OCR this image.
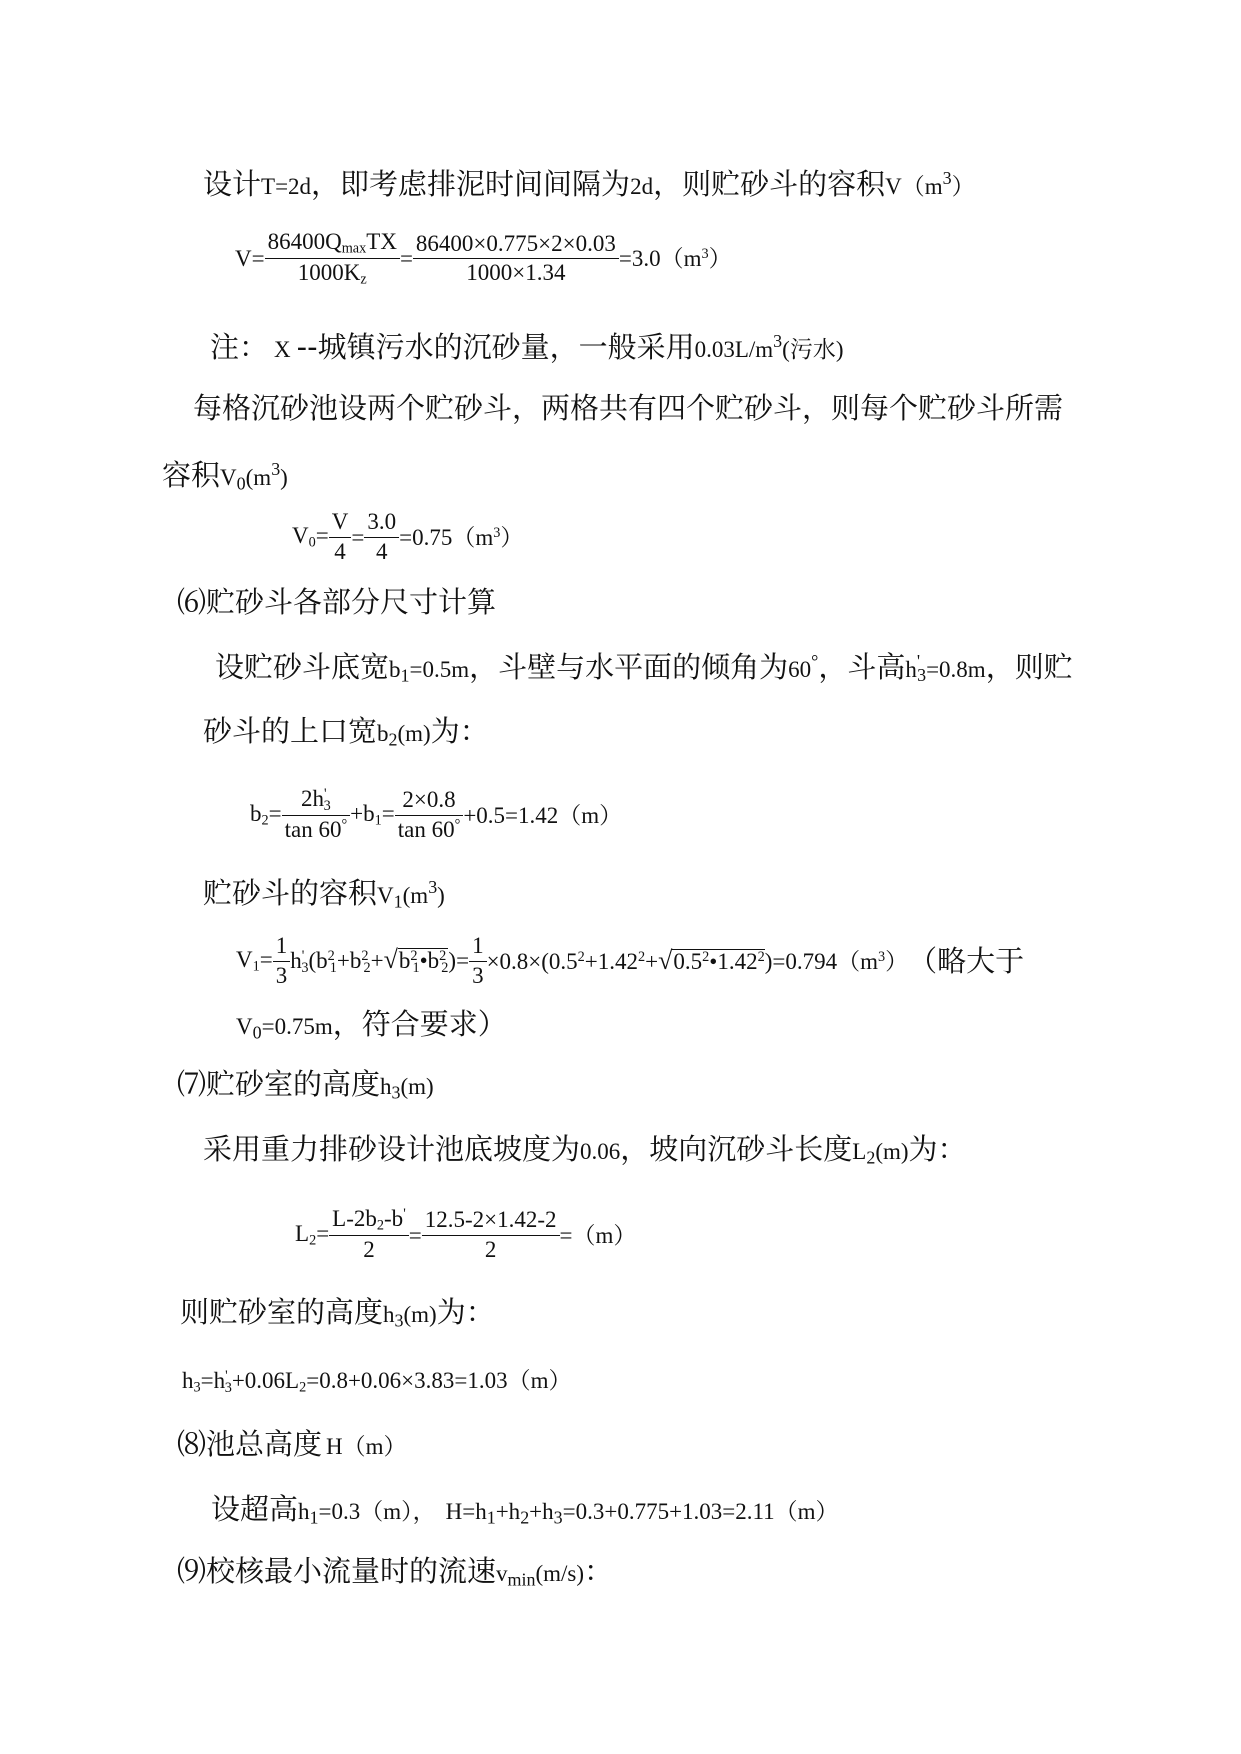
设计T=2d，即考虑排泥时间间隔为2d，则贮砂斗的容积$V(m^3)$
$V= \frac{86400Q_{max}TX}{1000K_z} = \frac{86400\times 0.775\times 2\times 0.03}{1000\times 1.34} =3.0(m^3)$
注： X --城镇污水的沉砂量，一般采用$0.03L/m^3$(污水)
每格沉砂池设两个贮砂斗，两格共有四个贮砂斗，则每个贮砂斗所需
容积$V_0(m^3)$
$V_0= \frac{V}{4} = \frac{3.0}{4} =0.75(m^3)$
⑹贮砂斗各部分尺寸计算
设贮砂斗底宽$b_1=0.5m$，斗壁与水平面的倾角为60°，斗高$h'_3=0.8m$，则贮
砂斗的上口宽$b_2(m)$为：
$b_2= \frac{2h'_3}{\tan 60^\circ} +b_1= \frac{2\times 0.8}{\tan 60^\circ} +0.5=1.42(m)$
贮砂斗的容积$V_1(m^3)$
$V_1= \frac{1}{3}$ $h'_3(b^2_1+b^2_2+√b^2_1•b^2_2)= \frac{1}{3}$ $\times 0.8\times(0.5^2+1.42^2+√0.5^2•1.42^2)=0.794(m^3)$（略大于
$V_0=0.75m$，符合要求）
⑺贮砂室的高度$h_3(m)$
采用重力排砂设计池底坡度为0.06，坡向沉砂斗长度$L_2(m)$为：
$L_2= \frac{L-2b_2-b'}{2} = \frac{12.5-2\times 1.42-2}{2} =(m)$
则贮砂室的高度$h_3(m)$为：
$h_3=h'_3+0.06L_2=0.8+0.06\times 3.83=1.03(m)$
⑻池总高度 H（m）
设超高$h_1=0.3(m)$， $H=h_1+h_2+h_3=0.3+0.775+1.03=2.11(m)$
⑼校核最小流量时的流速$v_{min}(m/s)$：
